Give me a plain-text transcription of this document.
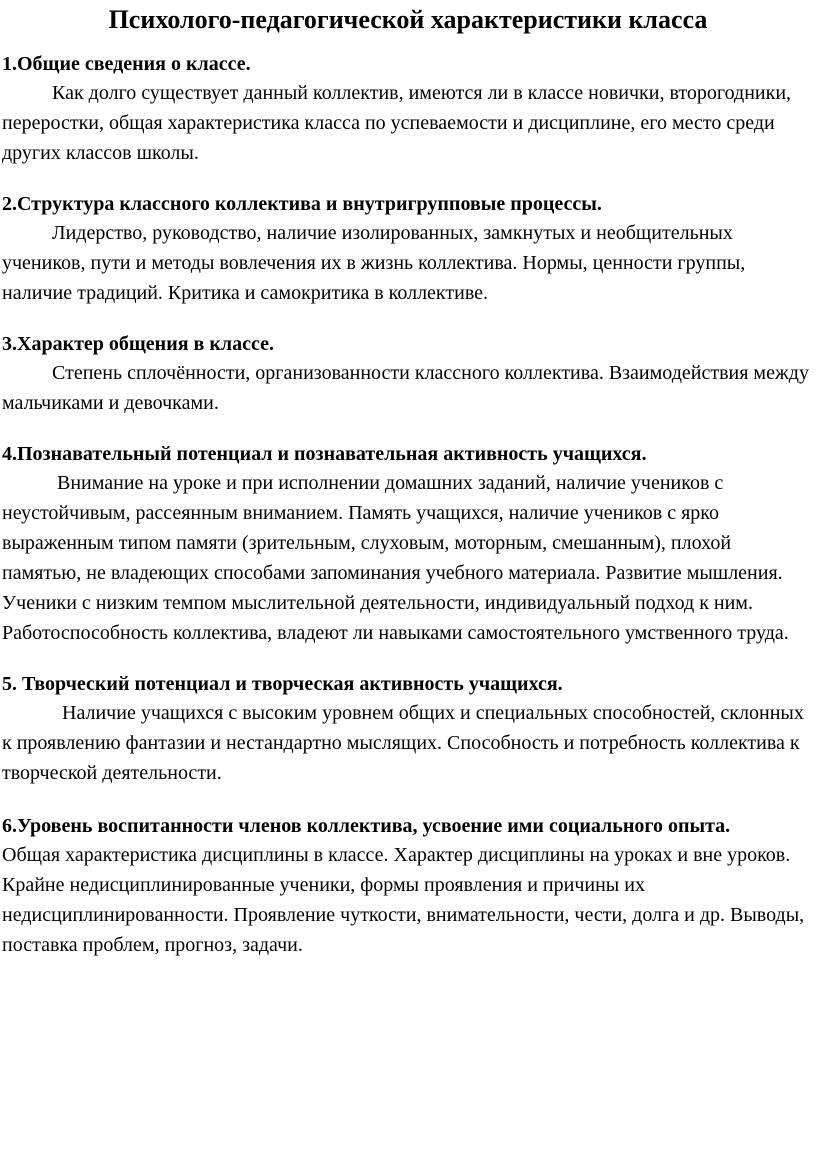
Психолого-педагогической характеристики класса

1.Общие сведения о классе.

Как долго существует данный коллектив, имеются ли в классе новички, второгодники, переростки, общая характеристика класса по успеваемости и дисциплине, его место среди других классов школы.

2.Структура классного коллектива и внутригрупповые процессы.

Лидерство, руководство, наличие изолированных, замкнутых и необщительных учеников, пути и методы вовлечения их в жизнь коллектива. Нормы, ценности группы, наличие традиций. Критика и самокритика в коллективе.

3.Характер общения в классе.

Степень сплочённости, организованности классного коллектива. Взаимодействия между мальчиками и девочками.

4.Познавательный потенциал и познавательная активность учащихся.

Внимание на уроке и при исполнении домашних заданий, наличие учеников с неустойчивым, рассеянным вниманием. Память учащихся, наличие учеников с ярко выраженным типом памяти (зрительным, слуховым, моторным, смешанным), плохой памятью, не владеющих способами запоминания учебного материала. Развитие мышления. Ученики с низким темпом мыслительной деятельности, индивидуальный подход к ним. Работоспособность коллектива, владеют ли навыками самостоятельного умственного труда.

5. Творческий потенциал и творческая активность учащихся.

Наличие учащихся с высоким уровнем общих и специальных способностей, склонных к проявлению фантазии и нестандартно мыслящих. Способность и потребность коллектива к творческой деятельности.

6.Уровень воспитанности членов коллектива, усвоение ими социального опыта.

Общая характеристика дисциплины в классе. Характер дисциплины на уроках и вне уроков. Крайне недисциплинированные ученики, формы проявления и причины их недисциплинированности. Проявление чуткости, внимательности, чести, долга и др. Выводы, поставка проблем, прогноз, задачи.
